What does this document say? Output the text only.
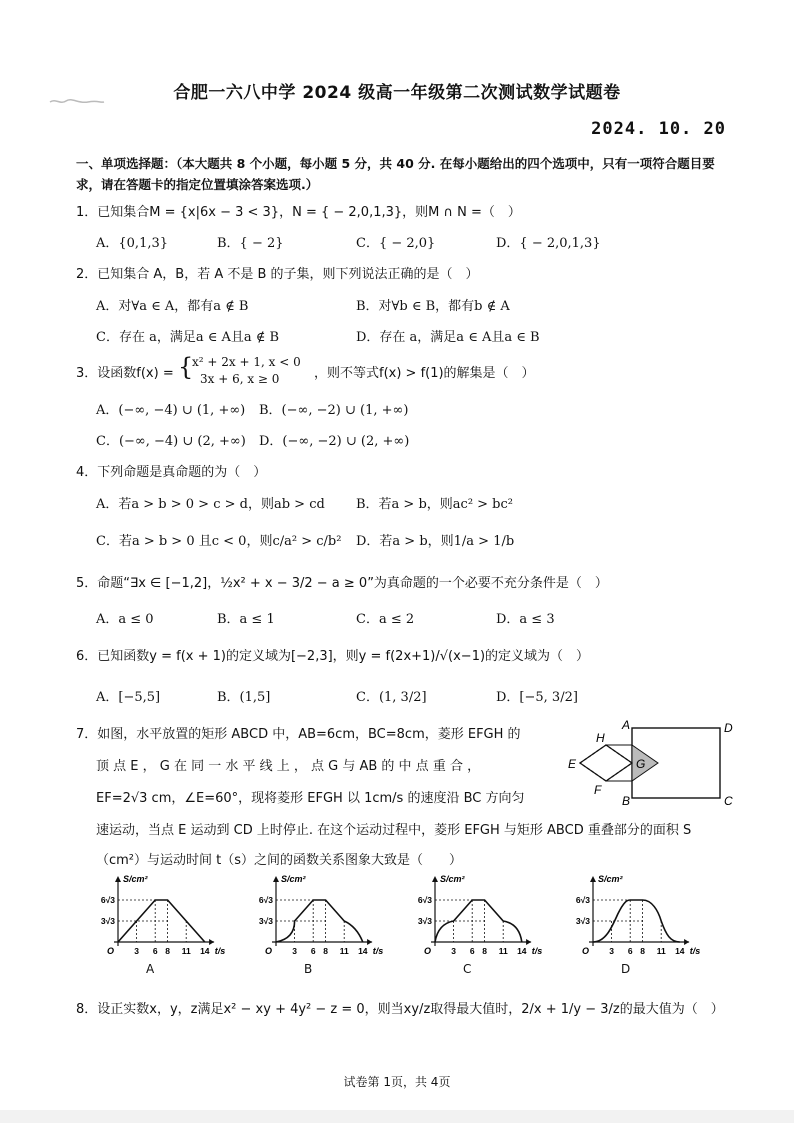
合肥一六八中学 2024 级高一年级第二次测试数学试题卷
2024. 10. 20
一、单项选择题：（本大题共 8 个小题，每小题 5 分，共 40 分. 在每小题给出的四个选项中，只有一项符合题目要求，请在答题卡的指定位置填涂答案选项.）
1．已知集合M = {x|6x − 3 < 3}，N = { − 2,0,1,3}，则M ∩ N =（　）
A．{0,1,3}	B．{ − 2}	C．{ − 2,0}	D．{ − 2,0,1,3}
2．已知集合 A，B，若 A 不是 B 的子集，则下列说法正确的是（　）
A．对∀a ∈ A，都有a ∉ B	B．对∀b ∈ B，都有b ∉ A
C．存在 a，满足a ∈ A且a ∉ B	D．存在 a，满足a ∈ A且a ∈ B
3．设函数f(x) = {
x² + 2x + 1, x < 0
3x + 6, x ≥ 0	，则不等式f(x) > f(1)的解集是（　）
A．(−∞, −4) ∪ (1, +∞) B．(−∞, −2) ∪ (1, +∞)
C．(−∞, −4) ∪ (2, +∞) D．(−∞, −2) ∪ (2, +∞)
4．下列命题是真命题的为（　）
A．若a > b > 0 > c > d，则ab > cd B．若a > b，则ac² > bc²
C．若a > b > 0 且c < 0，则c/a² > c/b² D．若a > b，则1/a > 1/b
5．命题“∃x ∈ [−1,2]，½x² + x − 3/2 − a ≥ 0”为真命题的一个必要不充分条件是（　）
A．a ≤ 0	B．a ≤ 1	C．a ≤ 2	D．a ≤ 3
6．已知函数y = f(x + 1)的定义域为[−2,3]，则y = f(2x+1)/√(x−1)的定义域为（　）
A．[−5,5]	B．(1,5]	C．(1, 3/2]	D．[−5, 3/2]
7．如图，水平放置的矩形 ABCD 中，AB=6cm，BC=8cm，菱形 EFGH 的
顶 点 E ， G 在 同 一 水 平 线 上 ， 点 G 与 AB 的 中 点 重 合 ，
EF=2√3 cm，∠E=60°，现将菱形 EFGH 以 1cm/s 的速度沿 BC 方向匀
速运动，当点 E 运动到 CD 上时停止. 在这个运动过程中，菱形 EFGH 与矩形 ABCD 重叠部分的面积 S
（cm²）与运动时间 t（s）之间的函数关系图象大致是（　　）
A
B	C
D
E
F
G
H
S/cm²
t/s
O
3√3
6√3
3 6 8 11 14
A
S/cm²
t/s
O
3√3
6√3
3 6 8 11 14
B
S/cm²
t/s
O
3√3
6√3
3 6 8 11 14
C
S/cm²
t/s
O
3√3
6√3
3 6 8 11 14
D
8．设正实数x，y，z满足x² − xy + 4y² − z = 0，则当xy/z取得最大值时，2/x + 1/y − 3/z的最大值为（　）
试卷第 1页，共 4页
